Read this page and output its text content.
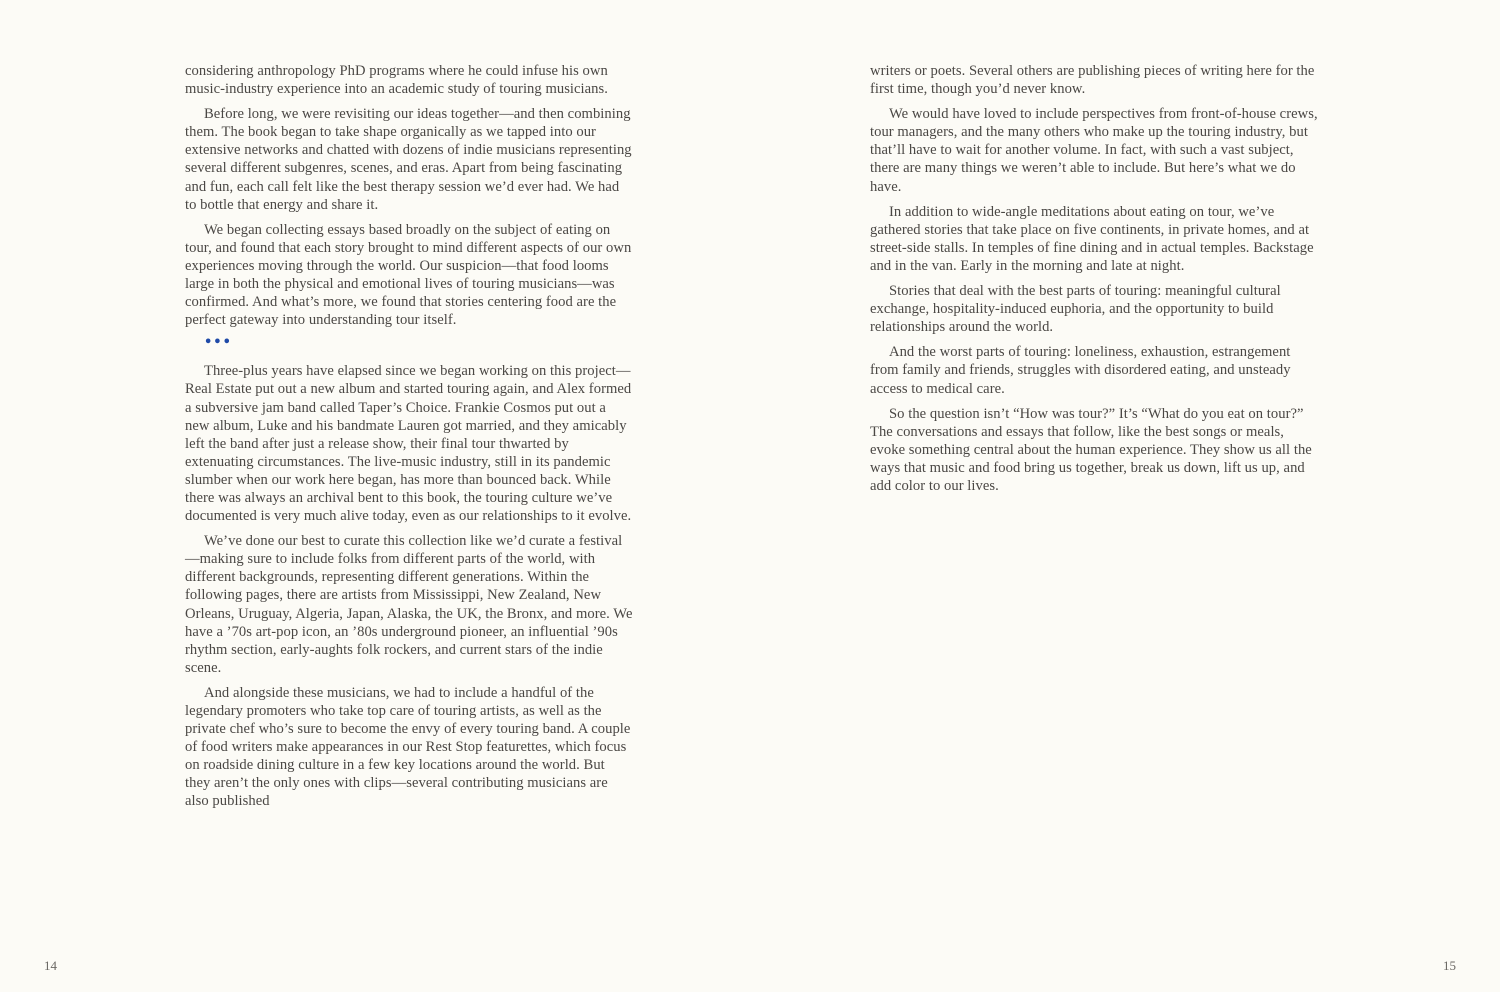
considering anthropology PhD programs where he could infuse his own music-industry experience into an academic study of touring musicians.

Before long, we were revisiting our ideas together—and then combining them. The book began to take shape organically as we tapped into our extensive networks and chatted with dozens of indie musicians representing several different subgenres, scenes, and eras. Apart from being fascinating and fun, each call felt like the best therapy session we’d ever had. We had to bottle that energy and share it.

We began collecting essays based broadly on the subject of eating on tour, and found that each story brought to mind different aspects of our own experiences moving through the world. Our suspicion—that food looms large in both the physical and emotional lives of touring musicians—was confirmed. And what’s more, we found that stories centering food are the perfect gateway into understanding tour itself.

•••

Three-plus years have elapsed since we began working on this project—Real Estate put out a new album and started touring again, and Alex formed a subversive jam band called Taper’s Choice. Frankie Cosmos put out a new album, Luke and his bandmate Lauren got married, and they amicably left the band after just a release show, their final tour thwarted by extenuating circumstances. The live-music industry, still in its pandemic slumber when our work here began, has more than bounced back. While there was always an archival bent to this book, the touring culture we’ve documented is very much alive today, even as our relationships to it evolve.

We’ve done our best to curate this collection like we’d curate a festival—making sure to include folks from different parts of the world, with different backgrounds, representing different generations. Within the following pages, there are artists from Mississippi, New Zealand, New Orleans, Uruguay, Algeria, Japan, Alaska, the UK, the Bronx, and more. We have a ’70s art-pop icon, an ’80s underground pioneer, an influential ’90s rhythm section, early-aughts folk rockers, and current stars of the indie scene.

And alongside these musicians, we had to include a handful of the legendary promoters who take top care of touring artists, as well as the private chef who’s sure to become the envy of every touring band. A couple of food writers make appearances in our Rest Stop featurettes, which focus on roadside dining culture in a few key locations around the world. But they aren’t the only ones with clips—several contributing musicians are also published

14

writers or poets. Several others are publishing pieces of writing here for the first time, though you’d never know.

We would have loved to include perspectives from front-of-house crews, tour managers, and the many others who make up the touring industry, but that’ll have to wait for another volume. In fact, with such a vast subject, there are many things we weren’t able to include. But here’s what we do have.

In addition to wide-angle meditations about eating on tour, we’ve gathered stories that take place on five continents, in private homes, and at street-side stalls. In temples of fine dining and in actual temples. Backstage and in the van. Early in the morning and late at night.

Stories that deal with the best parts of touring: meaningful cultural exchange, hospitality-induced euphoria, and the opportunity to build relationships around the world.

And the worst parts of touring: loneliness, exhaustion, estrangement from family and friends, struggles with disordered eating, and unsteady access to medical care.

So the question isn’t “How was tour?” It’s “What do you eat on tour?” The conversations and essays that follow, like the best songs or meals, evoke something central about the human experience. They show us all the ways that music and food bring us together, break us down, lift us up, and add color to our lives.

15
